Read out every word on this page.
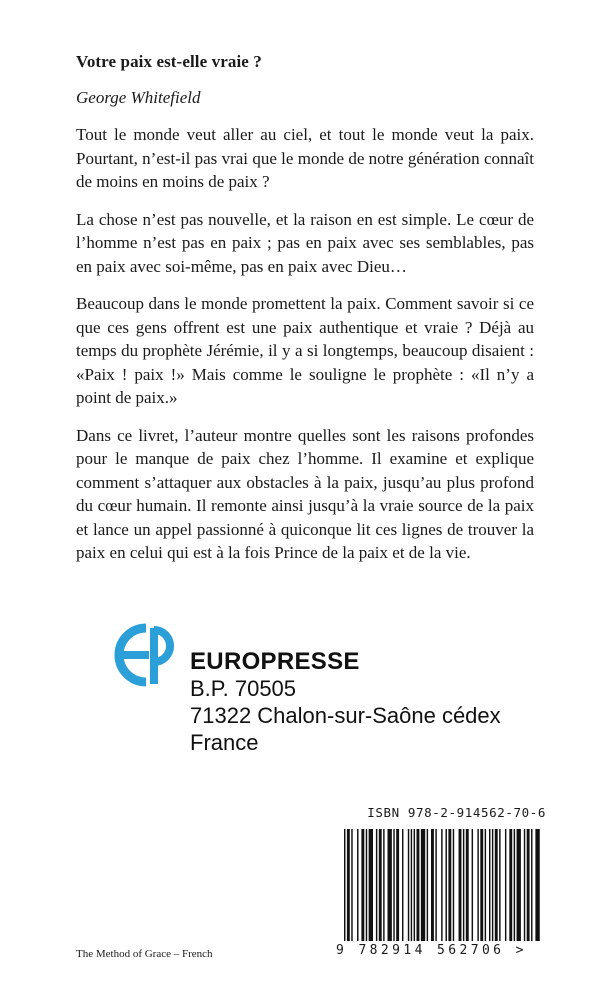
Votre paix est-elle vraie ?
George Whitefield

Tout le monde veut aller au ciel, et tout le monde veut la paix. Pourtant, n’est-il pas vrai que le monde de notre génération connaît de moins en moins de paix ?

La chose n’est pas nouvelle, et la raison en est simple. Le cœur de l’homme n’est pas en paix ; pas en paix avec ses semblables, pas en paix avec soi-même, pas en paix avec Dieu…

Beaucoup dans le monde promettent la paix. Comment savoir si ce que ces gens offrent est une paix authentique et vraie ? Déjà au temps du prophète Jérémie, il y a si longtemps, beaucoup disaient : «Paix ! paix !» Mais comme le souligne le prophète : «Il n’y a point de paix.»

Dans ce livret, l’auteur montre quelles sont les raisons profondes pour le manque de paix chez l’homme. Il examine et explique comment s’attaquer aux obstacles à la paix, jusqu’au plus profond du cœur humain. Il remonte ainsi jusqu’à la vraie source de la paix et lance un appel passionné à quiconque lit ces lignes de trouver la paix en celui qui est à la fois Prince de la paix et de la vie.

EUROPRESSE
B.P. 70505
71322 Chalon-sur-Saône cédex
France
ISBN 978-2-914562-70-6
9 782914 562706 >
The Method of Grace – French
